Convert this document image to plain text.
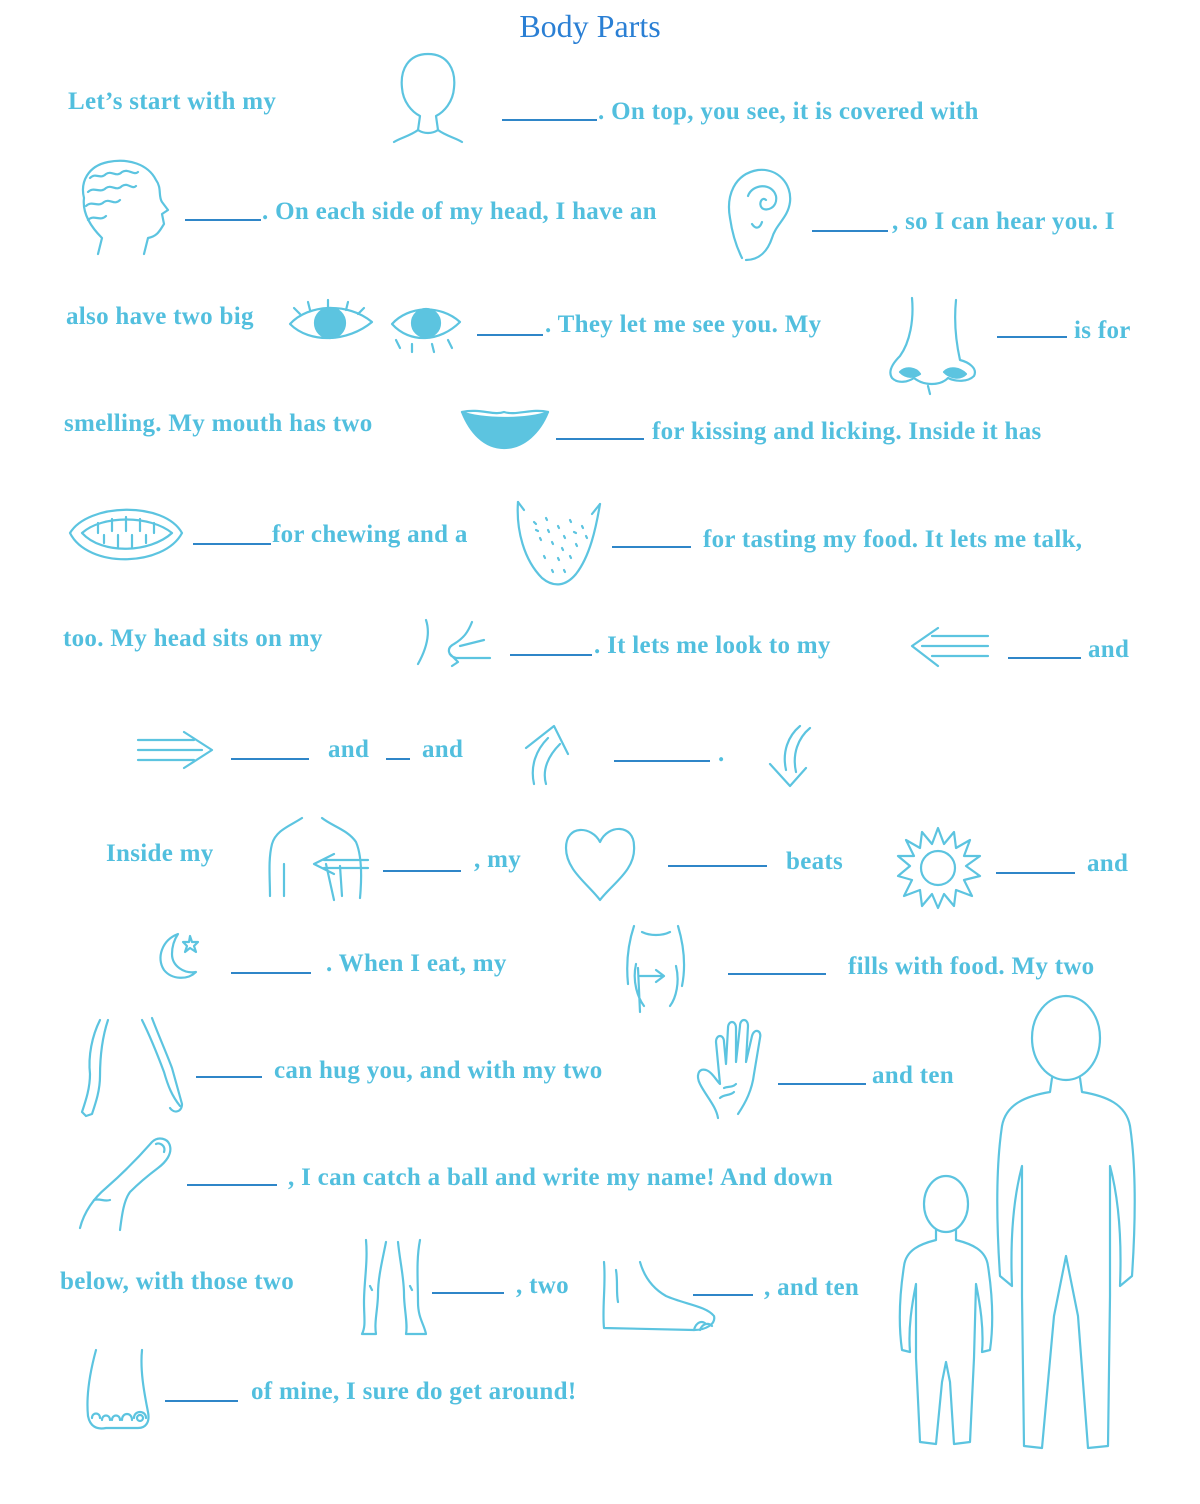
Body Parts
Let’s start with my	. On top, you see, it is covered with
. On each side of my head, I have an	, so I can hear you. I
also have two big	. They let me see you. My	is for
smelling. My mouth has two	for kissing and licking. Inside it has
for chewing and a	for tasting my food. It lets me talk,
too. My head sits on my	. It lets me look to my	and
and and	.
Inside my	, my	beats	and
. When I eat, my	fills with food. My two
can hug you, and with my two	and ten
, I can catch a ball and write my name! And down
below, with those two	, two	, and ten
of mine, I sure do get around!
